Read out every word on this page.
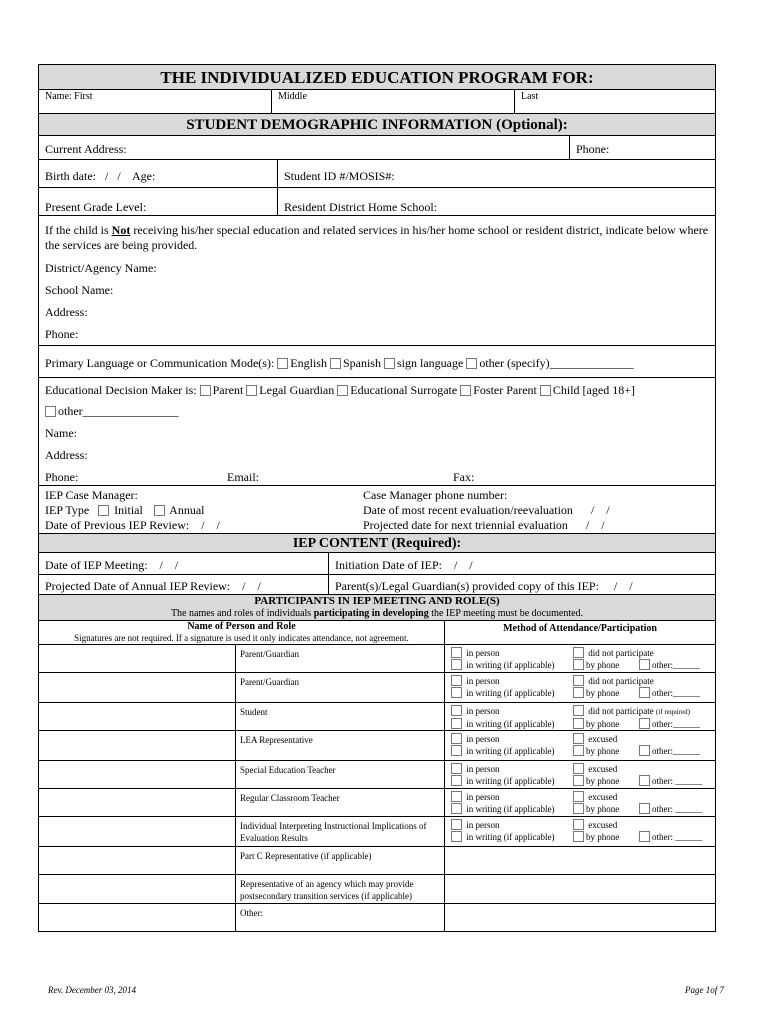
THE INDIVIDUALIZED EDUCATION PROGRAM FOR:
Name: First	Middle	Last
STUDENT DEMOGRAPHIC INFORMATION (Optional):
Current Address:	Phone:
Birth date:   /   /    Age:	Student ID #/MOSIS#:
Present Grade Level:	Resident District Home School:
If the child is Not receiving his/her special education and related services in his/her home school or resident district, indicate below where the services are being provided.
District/Agency Name:
School Name:
Address:
Phone:
Primary Language or Communication Mode(s): English Spanish sign language other (specify)______________
Educational Decision Maker is: Parent Legal Guardian Educational Surrogate Foster Parent Child [aged 18+]
other________________
Name:
Address:
Phone:	Email:	Fax:
IEP Case Manager:	Case Manager phone number:
IEP Type Initial Annual	Date of most recent evaluation/reevaluation      /    /
Date of Previous IEP Review:    /    /	Projected date for next triennial evaluation      /    /
IEP CONTENT (Required):
Date of IEP Meeting:    /    /	Initiation Date of IEP:    /    /
Projected Date of Annual IEP Review:    /    /	Parent(s)/Legal Guardian(s) provided copy of this IEP:     /    /
PARTICIPANTS IN IEP MEETING AND ROLE(S)
The names and roles of individuals participating in developing the IEP meeting must be documented.
Name of Person and Role
Signatures are not required. If a signature is used it only indicates attendance, not agreement.
Method of Attendance/Participation
Parent/Guardian	in person	did not participate
in writing (if applicable)	by phone	other:______
Parent/Guardian	in person	did not participate
in writing (if applicable)	by phone	other:______
Student	in person	did not participate (if required)
in writing (if applicable)	by phone	other:______
LEA Representative	in person	excused
in writing (if applicable)	by phone	other:______
Special Education Teacher	in person	excused
in writing (if applicable)	by phone	other: ______
Regular Classroom Teacher	in person	excused
in writing (if applicable)	by phone	other: ______
Individual Interpreting Instructional Implications of Evaluation Results
in person	excused
in writing (if applicable)	by phone	other: ______
Part C Representative (if applicable)
Representative of an agency which may provide postsecondary transition services (if applicable)
Other:
Rev. December 03, 2014	Page 1of 7
